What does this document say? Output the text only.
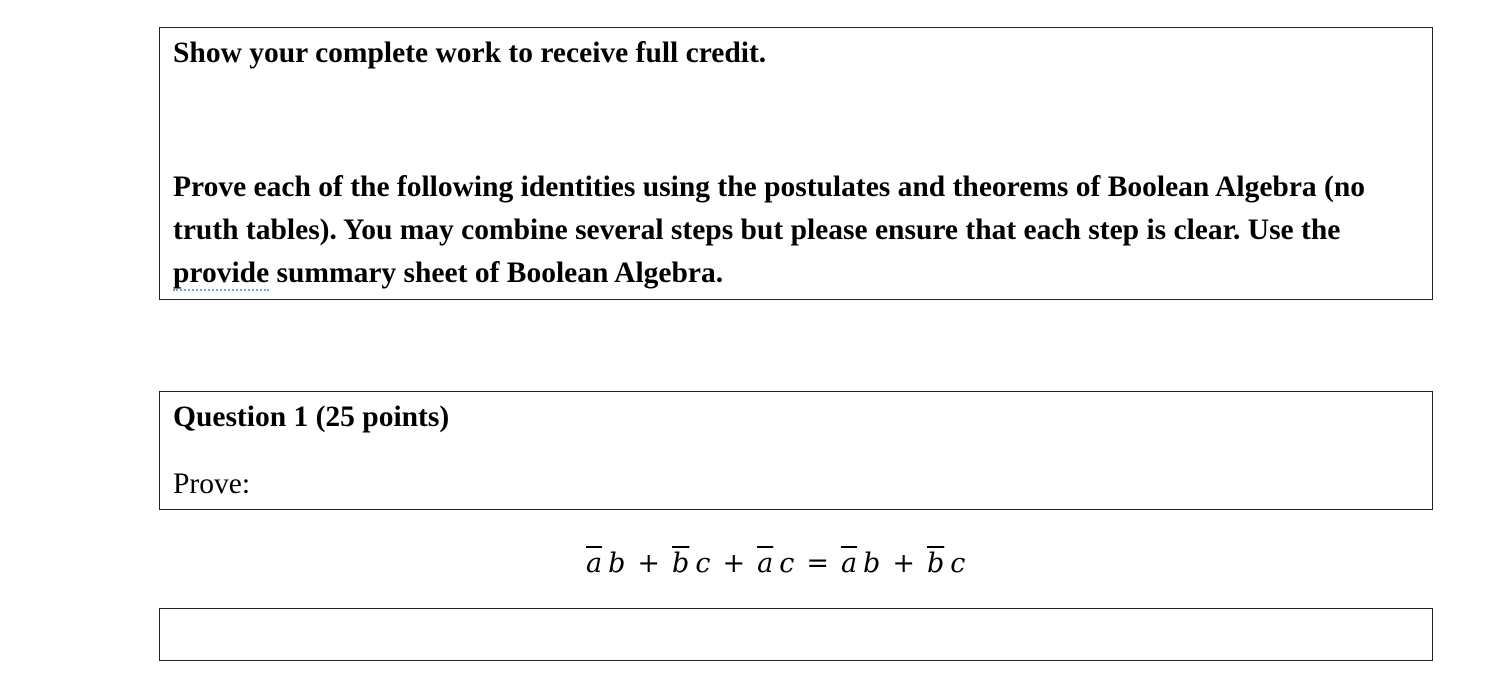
Show your complete work to receive full credit.

Prove each of the following identities using the postulates and theorems of Boolean Algebra (no truth tables). You may combine several steps but please ensure that each step is clear. Use the provide summary sheet of Boolean Algebra.

Question 1 (25 points)

Prove:

$\overline{a}$ $b + \overline{b}$ $c + \overline{a}$ $c = \overline{a}$ $b + \overline{b}$ c
